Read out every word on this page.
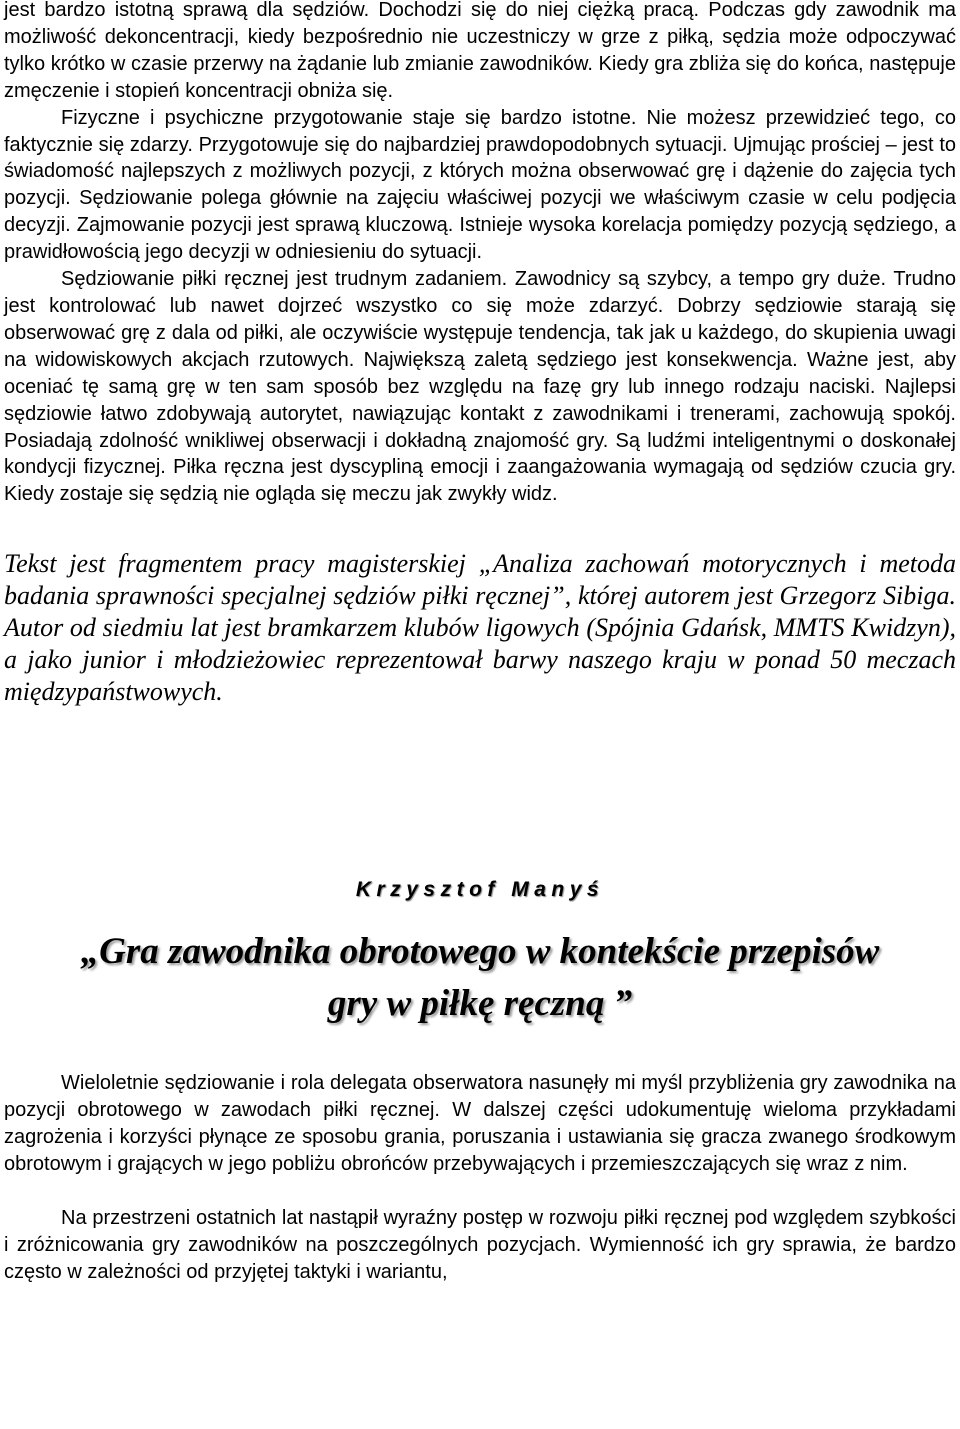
jest bardzo istotną sprawą dla sędziów. Dochodzi się do niej ciężką pracą. Podczas gdy zawodnik ma możliwość dekoncentracji, kiedy bezpośrednio nie uczestniczy w grze z piłką, sędzia może odpoczywać tylko krótko w czasie przerwy na żądanie lub zmianie zawodników. Kiedy gra zbliża się do końca, następuje zmęczenie i stopień koncentracji obniża się.

Fizyczne i psychiczne przygotowanie staje się bardzo istotne. Nie możesz przewidzieć tego, co faktycznie się zdarzy. Przygotowuje się do najbardziej prawdopodobnych sytuacji. Ujmując prościej – jest to świadomość najlepszych z możliwych pozycji, z których można obserwować grę i dążenie do zajęcia tych pozycji. Sędziowanie polega głównie na zajęciu właściwej pozycji we właściwym czasie w celu podjęcia decyzji. Zajmowanie pozycji jest sprawą kluczową. Istnieje wysoka korelacja pomiędzy pozycją sędziego, a prawidłowością jego decyzji w odniesieniu do sytuacji.

Sędziowanie piłki ręcznej jest trudnym zadaniem. Zawodnicy są szybcy, a tempo gry duże. Trudno jest kontrolować lub nawet dojrzeć wszystko co się może zdarzyć. Dobrzy sędziowie starają się obserwować grę z dala od piłki, ale oczywiście występuje tendencja, tak jak u każdego, do skupienia uwagi na widowiskowych akcjach rzutowych. Największą zaletą sędziego jest konsekwencja. Ważne jest, aby oceniać tę samą grę w ten sam sposób bez względu na fazę gry lub innego rodzaju naciski. Najlepsi sędziowie łatwo zdobywają autorytet, nawiązując kontakt z zawodnikami i trenerami, zachowują spokój. Posiadają zdolność wnikliwej obserwacji i dokładną znajomość gry. Są ludźmi inteligentnymi o doskonałej kondycji fizycznej. Piłka ręczna jest dyscypliną emocji i zaangażowania wymagają od sędziów czucia gry. Kiedy zostaje się sędzią nie ogląda się meczu jak zwykły widz.

Tekst jest fragmentem pracy magisterskiej „Analiza zachowań motorycznych i metoda badania sprawności specjalnej sędziów piłki ręcznej”, której autorem jest Grzegorz Sibiga. Autor od siedmiu lat jest bramkarzem klubów ligowych (Spójnia Gdańsk, MMTS Kwidzyn), a jako junior i młodzieżowiec reprezentował barwy naszego kraju w ponad 50 meczach międzypaństwowych.

Krzysztof Manyś

„Gra zawodnika obrotowego w kontekście przepisów

gry w piłkę ręczną ”

Wieloletnie sędziowanie i rola delegata obserwatora nasunęły mi myśl przybliżenia gry zawodnika na pozycji obrotowego w zawodach piłki ręcznej. W dalszej części udokumentuję wieloma przykładami zagrożenia i korzyści płynące ze sposobu grania, poruszania i ustawiania się gracza zwanego środkowym obrotowym i grających w jego pobliżu obrońców przebywających i przemieszczających się wraz z nim.

Na przestrzeni ostatnich lat nastąpił wyraźny postęp w rozwoju piłki ręcznej pod względem szybkości i zróżnicowania gry zawodników na poszczególnych pozycjach. Wymienność ich gry sprawia, że bardzo często w zależności od przyjętej taktyki i wariantu,
